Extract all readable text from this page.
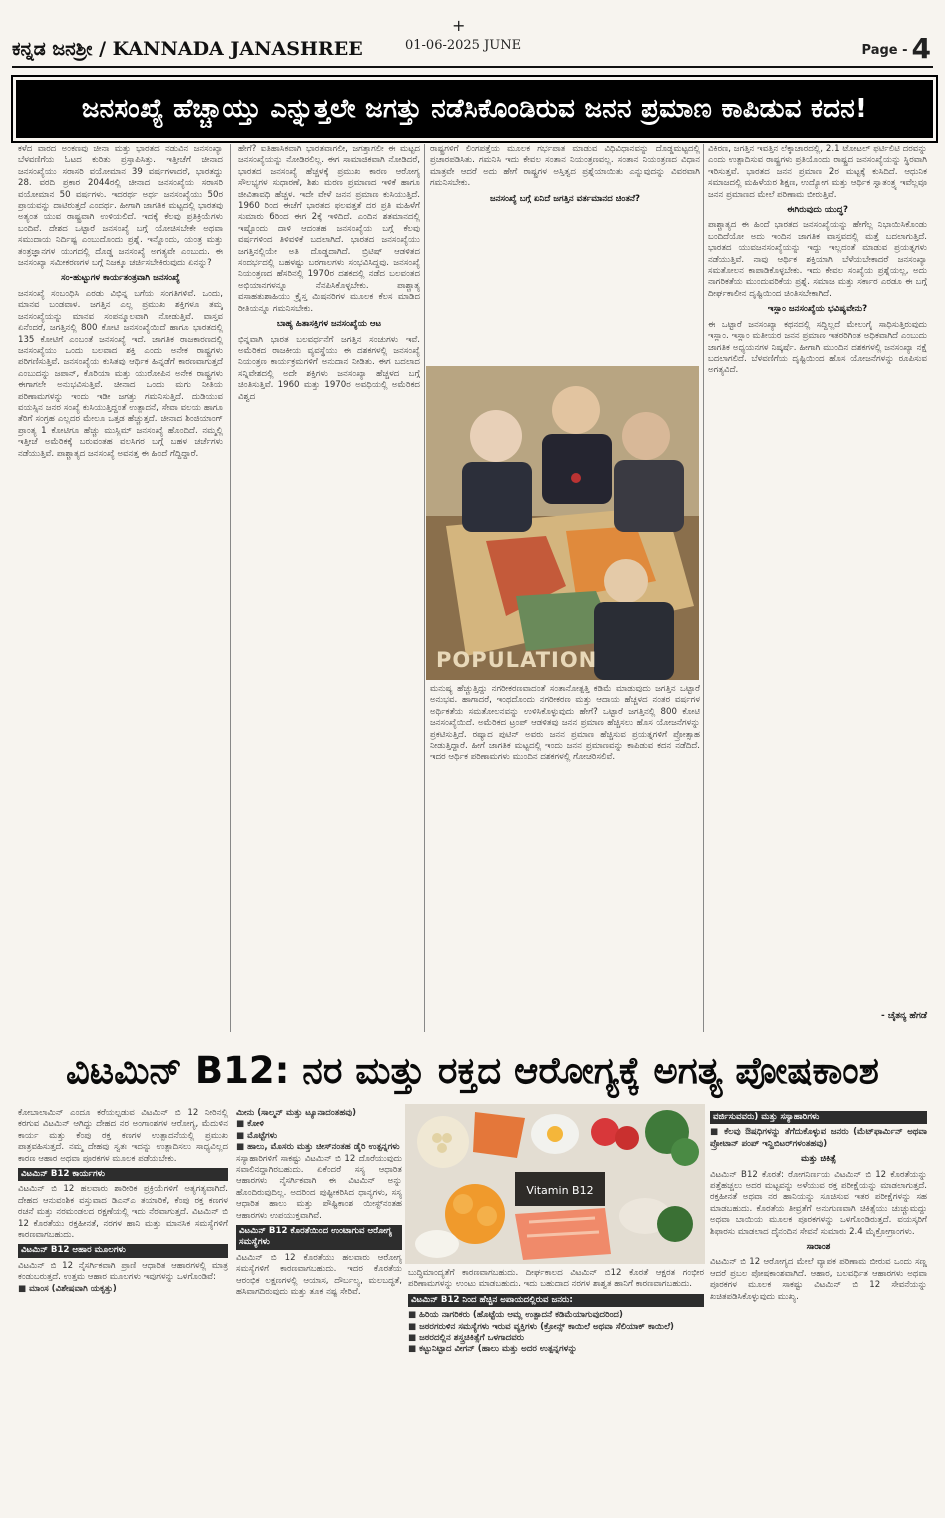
+
ಕನ್ನಡ ಜನಶ್ರೀ / KANNADA JANASHREE	01-06-2025 JUNE	Page - 4
ಜನಸಂಖ್ಯೆ ಹೆಚ್ಚಾಯ್ತು ಎನ್ನುತ್ತಲೇ ಜಗತ್ತು ನಡೆಸಿಕೊಂಡಿರುವ ಜನನ ಪ್ರಮಾಣ ಕಾಪಿಡುವ ಕದನ!
ಕಳೆದ ವಾರದ ಅಂಕಣವು ಚೀನಾ ಮತ್ತು ಭಾರತದ ನಡುವಿನ ಜನಸಂಖ್ಯಾ ಬೆಳವಣಿಗೆಯ ಓಟದ ಕುರಿತು ಪ್ರಸ್ತಾಪಿಸಿತ್ತು. ಇತ್ತೀಚೆಗೆ ಚೀನಾದ ಜನಸಂಖ್ಯೆಯು ಸರಾಸರಿ ವಯೋಮಾನ 39 ವರ್ಷಗಳಾದರೆ, ಭಾರತದ್ದು 28. ವರದಿ ಪ್ರಕಾರ 2044ರಲ್ಲಿ ಚೀನಾದ ಜನಸಂಖ್ಯೆಯ ಸರಾಸರಿ ವಯೋಮಾನ 50 ವರ್ಷಗಳು. ಇದರರ್ಥ ಅರ್ಧ ಜನಸಂಖ್ಯೆಯು 50ರ ಪ್ರಾಯವನ್ನು ದಾಟಿರುತ್ತದೆ ಎಂದರ್ಥ. ಹೀಗಾಗಿ ಜಾಗತಿಕ ಮಟ್ಟದಲ್ಲಿ ಭಾರತವು ಅತ್ಯಂತ ಯುವ ರಾಷ್ಟ್ರವಾಗಿ ಉಳಿಯಲಿದೆ. ಇದಕ್ಕೆ ಕೆಲವು ಪ್ರತಿಕ್ರಿಯೆಗಳು ಬಂದಿವೆ. ದೇಶದ ಒಟ್ಟಾರೆ ಜನಸಂಖ್ಯೆ ಬಗ್ಗೆ ಯೋಚಿಸಬೇಕೇ ಅಥವಾ ಸಮುದಾಯ ನಿರ್ದಿಷ್ಟ ಎಂಬುದೊಂದು ಪ್ರಶ್ನೆ. ಇನ್ನೊಂದು, ಯಂತ್ರ ಮತ್ತು ತಂತ್ರಜ್ಞಾನಗಳ ಯುಗದಲ್ಲಿ ದೊಡ್ಡ ಜನಸಂಖ್ಯೆ ಅಗತ್ಯವೇ ಎಂಬುದು. ಈ ಜನಸಂಖ್ಯಾ ಸಮೀಕರಣಗಳ ಬಗ್ಗೆ ನಿಜಕ್ಕೂ ಚರ್ಚಿಸಬೇಕಿರುವುದು ಏನನ್ನು?
ಸಂ-ಹುಟ್ಟುಗಳ ಕಾರ್ಯತಂತ್ರವಾಗಿ ಜನಸಂಖ್ಯೆ
ಜನಸಂಖ್ಯೆ ಸಂಬಂಧಿಸಿ ಎರಡು ವಿಭಿನ್ನ ಬಗೆಯ ಸಂಗತಿಗಳಿವೆ. ಒಂದು, ಮಾನವ ಬಂಡವಾಳ. ಜಗತ್ತಿನ ಎಲ್ಲ ಪ್ರಮುಖ ಶಕ್ತಿಗಳೂ ತಮ್ಮ ಜನಸಂಖ್ಯೆಯನ್ನು ಮಾನವ ಸಂಪನ್ಮೂಲವಾಗಿ ನೋಡುತ್ತಿವೆ. ವಾಸ್ತವ ಏನೆಂದರೆ, ಜಗತ್ತಿನಲ್ಲಿ 800 ಕೋಟಿ ಜನಸಂಖ್ಯೆಯಿದೆ ಹಾಗೂ ಭಾರತದಲ್ಲಿ 135 ಕೋಟಿಗೆ ಎಂಬಂತೆ ಜನಸಂಖ್ಯೆ ಇದೆ. ಜಾಗತಿಕ ರಾಜಕಾರಣದಲ್ಲಿ ಜನಸಂಖ್ಯೆಯು ಒಂದು ಬಲವಾದ ಶಕ್ತಿ ಎಂದು ಅನೇಕ ರಾಷ್ಟ್ರಗಳು ಪರಿಗಣಿಸುತ್ತಿವೆ. ಜನಸಂಖ್ಯೆಯ ಕುಸಿತವು ಆರ್ಥಿಕ ಹಿನ್ನಡೆಗೆ ಕಾರಣವಾಗುತ್ತದೆ ಎಂಬುದನ್ನು ಜಪಾನ್, ಕೊರಿಯಾ ಮತ್ತು ಯುರೋಪಿನ ಅನೇಕ ರಾಷ್ಟ್ರಗಳು ಈಗಾಗಲೇ ಅನುಭವಿಸುತ್ತಿವೆ. ಚೀನಾದ ಒಂದು ಮಗು ನೀತಿಯ ಪರಿಣಾಮಗಳನ್ನು ಇಂದು ಇಡೀ ಜಗತ್ತು ಗಮನಿಸುತ್ತಿದೆ. ದುಡಿಯುವ ವಯಸ್ಸಿನ ಜನರ ಸಂಖ್ಯೆ ಕುಸಿಯುತ್ತಿದ್ದಂತೆ ಉತ್ಪಾದನೆ, ಸೇವಾ ವಲಯ ಹಾಗೂ ತೆರಿಗೆ ಸಂಗ್ರಹ ಎಲ್ಲದರ ಮೇಲೂ ಒತ್ತಡ ಹೆಚ್ಚುತ್ತದೆ. ಚೀನಾದ ಶಿಂಜಿಯಾಂಗ್ ಪ್ರಾಂತ್ಯ 1 ಕೋಟಿಗೂ ಹೆಚ್ಚು ಮುಸ್ಲಿಮ್ ಜನಸಂಖ್ಯೆ ಹೊಂದಿದೆ. ನಮ್ಮಲ್ಲಿ ಇತ್ತೀಚೆ ಅಮೆರಿಕಕ್ಕೆ ಬರುವಂತಹ ವಲಸಿಗರ ಬಗ್ಗೆ ಬಹಳ ಚರ್ಚೆಗಳು ನಡೆಯುತ್ತಿವೆ. ಪಾಶ್ಚಾತ್ಯದ ಜನಸಂಖ್ಯೆ ಅವನತ್ತ ಈ ಹಿಂದೆ ಗೆದ್ದಿದ್ದಾರೆ.
ಹೇಗೆ? ಐತಿಹಾಸಿಕವಾಗಿ ಭಾರತವಾಗಲೀ, ಜಗತ್ತಾಗಲೀ ಈ ಮಟ್ಟದ ಜನಸಂಖ್ಯೆಯನ್ನು ನೋಡಿರಲಿಲ್ಲ. ಈಗ ಸಾಮಾಜಿಕವಾಗಿ ನೋಡಿದರೆ, ಭಾರತದ ಜನಸಂಖ್ಯೆ ಹೆಚ್ಚಳಕ್ಕೆ ಪ್ರಮುಖ ಕಾರಣ ಆರೋಗ್ಯ ಸೌಲಭ್ಯಗಳ ಸುಧಾರಣೆ, ಶಿಶು ಮರಣ ಪ್ರಮಾಣದ ಇಳಿಕೆ ಹಾಗೂ ಜೀವಿತಾವಧಿ ಹೆಚ್ಚಳ. ಇದೇ ವೇಳೆ ಜನನ ಪ್ರಮಾಣ ಕುಸಿಯುತ್ತಿದೆ. 1960 ರಿಂದ ಈಚೆಗೆ ಭಾರತದ ಫಲವತ್ತತೆ ದರ ಪ್ರತಿ ಮಹಿಳೆಗೆ ಸುಮಾರು 6ರಿಂದ ಈಗ 2ಕ್ಕೆ ಇಳಿದಿದೆ. ಎಂದಿನ ಶತಮಾನದಲ್ಲಿ ಇಷ್ಟೊಂದು ದಾಳಿ ಆದಂತಹ ಜನಸಂಖ್ಯೆಯ ಬಗ್ಗೆ ಕೆಲವು ವರ್ಷಗಳಿಂದ ತಿಳಿವಳಿಕೆ ಬದಲಾಗಿದೆ. ಭಾರತದ ಜನಸಂಖ್ಯೆಯು ಜಗತ್ತಿನಲ್ಲಿಯೇ ಅತಿ ದೊಡ್ಡದಾಗಿದೆ. ಬ್ರಿಟಿಷ್ ಆಡಳಿತದ ಸಂದರ್ಭದಲ್ಲಿ ಬಹಳಷ್ಟು ಬರಗಾಲಗಳು ಸಂಭವಿಸಿದ್ದವು. ಜನಸಂಖ್ಯೆ ನಿಯಂತ್ರಣದ ಹೆಸರಿನಲ್ಲಿ 1970ರ ದಶಕದಲ್ಲಿ ನಡೆದ ಬಲವಂತದ ಅಭಿಯಾನಗಳನ್ನೂ ನೆನಪಿಸಿಕೊಳ್ಳಬೇಕು. ಪಾಶ್ಚಾತ್ಯ ವಸಾಹತುಶಾಹಿಯು ಕ್ರೈಸ್ತ ಮಿಷನರಿಗಳ ಮೂಲಕ ಕೆಲಸ ಮಾಡಿದ ರೀತಿಯನ್ನೂ ಗಮನಿಸಬೇಕು.
ಬಾಹ್ಯ ಹಿತಾಸಕ್ತಿಗಳ ಜನಸಂಖ್ಯೆಯ ಆಟ
ಭಿನ್ನವಾಗಿ ಭಾರತ ಬಲವರ್ಧನೆಗೆ ಜಗತ್ತಿನ ಸಂಚುಗಳು ಇವೆ. ಅಮೆರಿಕದ ರಾಜಕೀಯ ವ್ಯವಸ್ಥೆಯು ಈ ದಶಕಗಳಲ್ಲಿ ಜನಸಂಖ್ಯೆ ನಿಯಂತ್ರಣ ಕಾರ್ಯಕ್ರಮಗಳಿಗೆ ಅನುದಾನ ನೀಡಿತು. ಈಗ ಬದಲಾದ ಸನ್ನಿವೇಶದಲ್ಲಿ ಅದೇ ಶಕ್ತಿಗಳು ಜನಸಂಖ್ಯಾ ಹೆಚ್ಚಳದ ಬಗ್ಗೆ ಚಿಂತಿಸುತ್ತಿವೆ. 1960 ಮತ್ತು 1970ರ ಅವಧಿಯಲ್ಲಿ ಅಮೆರಿಕದ ವಿಶ್ವದ
ರಾಷ್ಟ್ರಗಳಿಗೆ ಲಿಂಗಪತ್ತೆಯ ಮೂಲಕ ಗರ್ಭಪಾತ ಮಾಡುವ ವಿಧಿವಿಧಾನವನ್ನು ದೊಡ್ಡಮಟ್ಟದಲ್ಲಿ ಪ್ರಚಾರಪಡಿಸಿತು. ಗಮನಿಸಿ ಇದು ಕೇವಲ ಸಂತಾನ ನಿಯಂತ್ರಣವಲ್ಲ. ಸಂತಾನ ನಿಯಂತ್ರಣದ ವಿಧಾನ ಮಾತ್ರವೇ ಆದರೆ ಅದು ಹೇಗೆ ರಾಷ್ಟ್ರಗಳ ಅಸ್ತಿತ್ವದ ಪ್ರಶ್ನೆಯಾಯಿತು ಎನ್ನುವುದನ್ನು ವಿವರವಾಗಿ ಗಮನಿಸಬೇಕು.
ಜನಸಂಖ್ಯೆ ಬಗ್ಗೆ ಏನಿದೆ ಜಗತ್ತಿನ ವರ್ತಮಾನದ ಚಿಂತನೆ?
POPULATION
ಮನುಷ್ಯ ಹೆಚ್ಚುತ್ತಿದ್ದು ನಗರೀಕರಣವಾದಂತೆ ಸಂತಾನೋತ್ಪತ್ತಿ ಕಡಿಮೆ ಮಾಡುವುದು ಜಗತ್ತಿನ ಒಟ್ಟಾರೆ ಅನುಭವ. ಹಾಗಾದರೆ, ಇಂಥದೊಂದು ನಗರೀಕರಣ ಮತ್ತು ಆದಾಯ ಹೆಚ್ಚಳದ ನಂತರ ವರ್ಷಗಳ ಅರ್ಥಿಕತೆಯ ಸಮತೋಲನವನ್ನು ಉಳಿಸಿಕೊಳ್ಳುವುದು ಹೇಗೆ? ಒಟ್ಟಾರೆ ಜಗತ್ತಿನಲ್ಲಿ 800 ಕೋಟಿ ಜನಸಂಖ್ಯೆಯಿದೆ. ಅಮೆರಿಕದ ಟ್ರಂಪ್ ಆಡಳಿತವು ಜನನ ಪ್ರಮಾಣ ಹೆಚ್ಚಿಸಲು ಹೊಸ ಯೋಜನೆಗಳನ್ನು ಪ್ರಕಟಿಸುತ್ತಿದೆ. ರಷ್ಯಾದ ಪುಟಿನ್ ಅವರು ಜನನ ಪ್ರಮಾಣ ಹೆಚ್ಚಿಸುವ ಪ್ರಯತ್ನಗಳಿಗೆ ಪ್ರೋತ್ಸಾಹ ನೀಡುತ್ತಿದ್ದಾರೆ. ಹೀಗೆ ಜಾಗತಿಕ ಮಟ್ಟದಲ್ಲಿ ಇಂದು ಜನನ ಪ್ರಮಾಣವನ್ನು ಕಾಪಿಡುವ ಕದನ ನಡೆದಿದೆ. ಇದರ ಆರ್ಥಿಕ ಪರಿಣಾಮಗಳು ಮುಂದಿನ ದಶಕಗಳಲ್ಲಿ ಗೋಚರಿಸಲಿವೆ.
ವಿಕಿರಣ, ಜಗತ್ತಿನ ಇವತ್ತಿನ ಲೆಕ್ಕಾಚಾರದಲ್ಲಿ, 2.1 ಟೋಟಲ್ ಫರ್ಟಿಲಿಟಿ ದರವನ್ನು ಎಂದು ಉತ್ಪಾದಿಸುವ ರಾಷ್ಟ್ರಗಳು ಪ್ರತಿಯೊಂದು ರಾಷ್ಟ್ರದ ಜನಸಂಖ್ಯೆಯನ್ನು ಸ್ಥಿರವಾಗಿ ಇರಿಸುತ್ತವೆ. ಭಾರತದ ಜನನ ಪ್ರಮಾಣ 2ರ ಮಟ್ಟಕ್ಕೆ ಕುಸಿದಿದೆ. ಆಧುನಿಕ ಸಮಾಜದಲ್ಲಿ ಮಹಿಳೆಯರ ಶಿಕ್ಷಣ, ಉದ್ಯೋಗ ಮತ್ತು ಆರ್ಥಿಕ ಸ್ವಾತಂತ್ರ್ಯ ಇವೆಲ್ಲವೂ ಜನನ ಪ್ರಮಾಣದ ಮೇಲೆ ಪರಿಣಾಮ ಬೀರುತ್ತಿವೆ.
ಈಗಿರುವುದು ಯುದ್ಧ?
ಪಾಶ್ಚಾತ್ಯದ ಈ ಹಿಂದೆ ಭಾರತದ ಜನಸಂಖ್ಯೆಯನ್ನು ಹೇಗೆಲ್ಲ ನಿಭಾಯಿಸಿಕೊಂಡು ಬಂದಿದೆಯೋ ಅದು ಇಂದಿನ ಜಾಗತಿಕ ವಾಸ್ತವದಲ್ಲಿ ಮತ್ತೆ ಬದಲಾಗುತ್ತಿದೆ. ಭಾರತದ ಯುವಜನಸಂಖ್ಯೆಯನ್ನು ಇದ್ದು ಇಲ್ಲದಂತೆ ಮಾಡುವ ಪ್ರಯತ್ನಗಳು ನಡೆಯುತ್ತಿವೆ. ನಾವು ಆರ್ಥಿಕ ಶಕ್ತಿಯಾಗಿ ಬೆಳೆಯಬೇಕಾದರೆ ಜನಸಂಖ್ಯಾ ಸಮತೋಲನ ಕಾಪಾಡಿಕೊಳ್ಳಬೇಕು. ಇದು ಕೇವಲ ಸಂಖ್ಯೆಯ ಪ್ರಶ್ನೆಯಲ್ಲ, ಅದು ನಾಗರಿಕತೆಯ ಮುಂದುವರಿಕೆಯ ಪ್ರಶ್ನೆ. ಸಮಾಜ ಮತ್ತು ಸರ್ಕಾರ ಎರಡೂ ಈ ಬಗ್ಗೆ ದೀರ್ಘಕಾಲೀನ ದೃಷ್ಟಿಯಿಂದ ಚಿಂತಿಸಬೇಕಾಗಿದೆ.
ಇಸ್ಲಾಂ ಜನಸಂಖ್ಯೆಯ ಭವಿಷ್ಯವೇನು?
ಈ ಒಟ್ಟಾರೆ ಜನಸಂಖ್ಯಾ ಕಥನದಲ್ಲಿ ಸದ್ದಿಲ್ಲದೆ ಮೇಲುಗೈ ಸಾಧಿಸುತ್ತಿರುವುದು ಇಸ್ಲಾಂ. ಇಸ್ಲಾಂ ಮತೀಯರ ಜನನ ಪ್ರಮಾಣ ಇತರರಿಗಿಂತ ಅಧಿಕವಾಗಿದೆ ಎಂಬುದು ಜಾಗತಿಕ ಅಧ್ಯಯನಗಳ ನಿಷ್ಕರ್ಷೆ. ಹೀಗಾಗಿ ಮುಂದಿನ ದಶಕಗಳಲ್ಲಿ ಜನಸಂಖ್ಯಾ ನಕ್ಷೆ ಬದಲಾಗಲಿದೆ. ಬೆಳವಣಿಗೆಯ ದೃಷ್ಟಿಯಿಂದ ಹೊಸ ಯೋಜನೆಗಳನ್ನು ರೂಪಿಸುವ ಅಗತ್ಯವಿದೆ.
- ಚೈತನ್ಯ ಹೆಗಡೆ
ವಿಟಮಿನ್ B12: ನರ ಮತ್ತು ರಕ್ತದ ಆರೋಗ್ಯಕ್ಕೆ ಅಗತ್ಯ ಪೋಷಕಾಂಶ
ಕೋಬಾಲಾಮಿನ್ ಎಂದೂ ಕರೆಯಲ್ಪಡುವ ವಿಟಮಿನ್ ಬಿ 12 ನೀರಿನಲ್ಲಿ ಕರಗುವ ವಿಟಮಿನ್ ಆಗಿದ್ದು ದೇಹದ ನರ ಅಂಗಾಂಶಗಳ ಆರೋಗ್ಯ, ಮೆದುಳಿನ ಕಾರ್ಯ ಮತ್ತು ಕೆಂಪು ರಕ್ತ ಕಣಗಳ ಉತ್ಪಾದನೆಯಲ್ಲಿ ಪ್ರಮುಖ ಪಾತ್ರವಹಿಸುತ್ತದೆ. ನಮ್ಮ ದೇಹವು ಸ್ವತಃ ಇದನ್ನು ಉತ್ಪಾದಿಸಲು ಸಾಧ್ಯವಿಲ್ಲದ ಕಾರಣ ಆಹಾರ ಅಥವಾ ಪೂರಕಗಳ ಮೂಲಕ ಪಡೆಯಬೇಕು.
ವಿಟಮಿನ್ B12 ಕಾರ್ಯಗಳು
ವಿಟಮಿನ್ ಬಿ 12 ಹಲವಾರು ಶಾರೀರಿಕ ಪ್ರಕ್ರಿಯೆಗಳಿಗೆ ಅತ್ಯಗತ್ಯವಾಗಿದೆ. ದೇಹದ ಆನುವಂಶಿಕ ವಸ್ತುವಾದ ಡಿಎನ್ಎ ತಯಾರಿಕೆ, ಕೆಂಪು ರಕ್ತ ಕಣಗಳ ರಚನೆ ಮತ್ತು ನರಮಂಡಲದ ರಕ್ಷಣೆಯಲ್ಲಿ ಇದು ನೆರವಾಗುತ್ತದೆ. ವಿಟಮಿನ್ ಬಿ 12 ಕೊರತೆಯು ರಕ್ತಹೀನತೆ, ನರಗಳ ಹಾನಿ ಮತ್ತು ಮಾನಸಿಕ ಸಮಸ್ಯೆಗಳಿಗೆ ಕಾರಣವಾಗಬಹುದು.
ವಿಟಮಿನ್ B12 ಆಹಾರ ಮೂಲಗಳು
ವಿಟಮಿನ್ ಬಿ 12 ನೈಸರ್ಗಿಕವಾಗಿ ಪ್ರಾಣಿ ಆಧಾರಿತ ಆಹಾರಗಳಲ್ಲಿ ಮಾತ್ರ ಕಂಡುಬರುತ್ತದೆ. ಉತ್ತಮ ಆಹಾರ ಮೂಲಗಳು ಇವುಗಳನ್ನು ಒಳಗೊಂಡಿವೆ:
■ ಮಾಂಸ (ವಿಶೇಷವಾಗಿ ಯಕೃತ್ತು)
ಮೀನು (ಸಾಲ್ಮನ್ ಮತ್ತು ಟ್ಯೂನಾದಂತಹವು)
■ ಕೋಳಿ
■ ಮೊಟ್ಟೆಗಳು
■ ಹಾಲು, ಮೊಸರು ಮತ್ತು ಚೀಸ್‌ನಂತಹ ಡೈರಿ ಉತ್ಪನ್ನಗಳು
ಸಸ್ಯಾಹಾರಿಗಳಿಗೆ ಸಾಕಷ್ಟು ವಿಟಮಿನ್ ಬಿ 12 ದೊರೆಯುವುದು ಸವಾಲಿನದ್ದಾಗಿರಬಹುದು. ಏಕೆಂದರೆ ಸಸ್ಯ ಆಧಾರಿತ ಆಹಾರಗಳು ನೈಸರ್ಗಿಕವಾಗಿ ಈ ವಿಟಮಿನ್ ಅನ್ನು ಹೊಂದಿರುವುದಿಲ್ಲ. ಅದರಿಂದ ಪುಷ್ಟೀಕರಿಸಿದ ಧಾನ್ಯಗಳು, ಸಸ್ಯ ಆಧಾರಿತ ಹಾಲು ಮತ್ತು ಪೌಷ್ಟಿಕಾಂಶ ಯೀಸ್ಟ್‌ನಂತಹ ಆಹಾರಗಳು ಉಪಯುಕ್ತವಾಗಿವೆ.
ವಿಟಮಿನ್ B12 ಕೊರತೆಯಿಂದ ಉಂಟಾಗುವ ಆರೋಗ್ಯ ಸಮಸ್ಯೆಗಳು
ವಿಟಮಿನ್ ಬಿ 12 ಕೊರತೆಯು ಹಲವಾರು ಆರೋಗ್ಯ ಸಮಸ್ಯೆಗಳಿಗೆ ಕಾರಣವಾಗಬಹುದು. ಇದರ ಕೊರತೆಯ ಆರಂಭಿಕ ಲಕ್ಷಣಗಳಲ್ಲಿ ಆಯಾಸ, ದೌರ್ಬಲ್ಯ, ಮಲಬದ್ಧತೆ, ಹಸಿವಾಗದಿರುವುದು ಮತ್ತು ತೂಕ ನಷ್ಟ ಸೇರಿವೆ.
Vitamin B12
ಬುದ್ಧಿಮಾಂದ್ಯತೆಗೆ ಕಾರಣವಾಗಬಹುದು. ದೀರ್ಘಕಾಲದ ವಿಟಮಿನ್ ಬಿ12 ಕೊರತೆ ಆಕ್ಷರತ ಗಂಭೀರ ಪರಿಣಾಮಗಳನ್ನು ಉಂಟು ಮಾಡಬಹುದು. ಇದು ಬಹುದಾದ ನರಗಳ ಶಾಶ್ವತ ಹಾನಿಗೆ ಕಾರಣವಾಗಬಹುದು.
ವಿಟಮಿನ್ B12 ನಿಂದ ಹೆಚ್ಚಿನ ಅಪಾಯದಲ್ಲಿರುವ ಜನರು:
■ ಹಿರಿಯ ನಾಗರಿಕರು (ಹೊಟ್ಟೆಯ ಆಮ್ಲ ಉತ್ಪಾದನೆ ಕಡಿಮೆಯಾಗುವುದರಿಂದ)
■ ಜಠರಗರುಳಿನ ಸಮಸ್ಯೆಗಳು ಇರುವ ವ್ಯಕ್ತಿಗಳು (ಕ್ರೋನ್ಸ್ ಕಾಯಿಲೆ ಅಥವಾ ಸೆಲಿಯಾಕ್ ಕಾಯಿಲೆ)
■ ಜಠರದಲ್ಲಿನ ಶಸ್ತ್ರಚಿಕಿತ್ಸೆಗೆ ಒಳಗಾದವರು
■ ಕಟ್ಟುನಿಟ್ಟಾದ ವೀಗನ್ (ಹಾಲು ಮತ್ತು ಅದರ ಉತ್ಪನ್ನಗಳನ್ನು
ವರ್ಜಿಸುವವರು) ಮತ್ತು ಸಸ್ಯಾಹಾರಿಗಳು
■ ಕೆಲವು ಔಷಧಿಗಳನ್ನು ತೆಗೆದುಕೊಳ್ಳುವ ಜನರು (ಮೆಟ್‌ಫಾರ್ಮಿನ್ ಅಥವಾ ಪ್ರೋಟಾನ್ ಪಂಪ್ ಇನ್ಹಿಬಿಟರ್‌ಗಳಂತಹವು)
ಮತ್ತು ಚಿಕಿತ್ಸೆ
ವಿಟಮಿನ್ B12 ಕೊರತೆ: ರೋಗನಿರ್ಣಯ ವಿಟಮಿನ್ ಬಿ 12 ಕೊರತೆಯನ್ನು ಪತ್ತೆಹಚ್ಚಲು ಅದರ ಮಟ್ಟವನ್ನು ಅಳೆಯುವ ರಕ್ತ ಪರೀಕ್ಷೆಯನ್ನು ಮಾಡಲಾಗುತ್ತದೆ. ರಕ್ತಹೀನತೆ ಅಥವಾ ನರ ಹಾನಿಯನ್ನು ಸೂಚಿಸುವ ಇತರ ಪರೀಕ್ಷೆಗಳನ್ನು ಸಹ ಮಾಡಬಹುದು. ಕೊರತೆಯ ತೀವ್ರತೆಗೆ ಅನುಗುಣವಾಗಿ ಚಿಕಿತ್ಸೆಯು ಚುಚ್ಚುಮದ್ದು ಅಥವಾ ಬಾಯಿಯ ಮೂಲಕ ಪೂರಕಗಳನ್ನು ಒಳಗೊಂಡಿರುತ್ತದೆ. ವಯಸ್ಕರಿಗೆ ಶಿಫಾರಸು ಮಾಡಲಾದ ದೈನಂದಿನ ಸೇವನೆ ಸುಮಾರು 2.4 ಮೈಕ್ರೋಗ್ರಾಂಗಳು.
ಸಾರಾಂಶ
ವಿಟಮಿನ್ ಬಿ 12 ಆರೋಗ್ಯದ ಮೇಲೆ ವ್ಯಾಪಕ ಪರಿಣಾಮ ಬೀರುವ ಒಂದು ಸಣ್ಣ ಆದರೆ ಪ್ರಬಲ ಪೋಷಕಾಂಶವಾಗಿದೆ. ಆಹಾರ, ಬಲವರ್ಧಿತ ಆಹಾರಗಳು ಅಥವಾ ಪೂರಕಗಳ ಮೂಲಕ ಸಾಕಷ್ಟು ವಿಟಮಿನ್ ಬಿ 12 ಸೇವನೆಯನ್ನು ಖಚಿತಪಡಿಸಿಕೊಳ್ಳುವುದು ಮುಖ್ಯ.
